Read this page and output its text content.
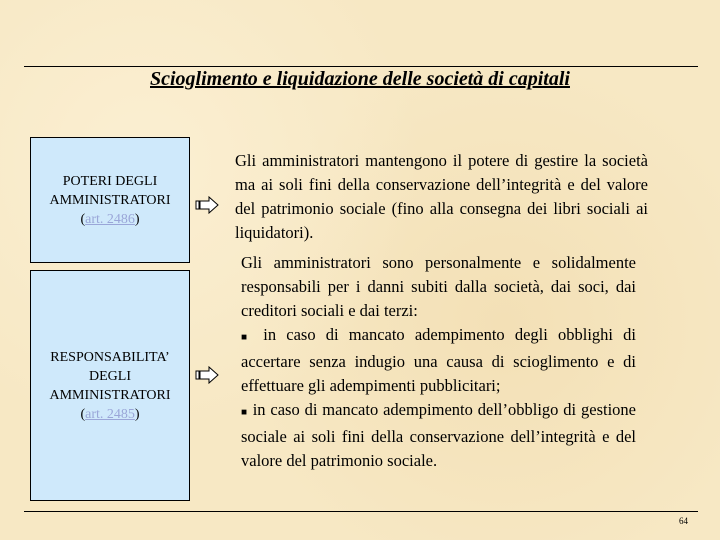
Scioglimento e liquidazione delle società di capitali
POTERI DEGLI
AMMINISTRATORI
(art. 2486)
Gli amministratori mantengono il potere di gestire la società ma ai soli fini della conservazione dell’integrità e del valore del patrimonio sociale (fino alla consegna dei libri sociali ai liquidatori).
RESPONSABILITA’
DEGLI
AMMINISTRATORI
(art. 2485)
Gli amministratori sono personalmente e solidalmente responsabili per i danni subiti dalla società, dai soci, dai creditori sociali e dai terzi:
■ in caso di mancato adempimento degli obblighi di accertare senza indugio una causa di scioglimento e di effettuare gli adempimenti pubblicitari;
■ in caso di mancato adempimento dell’obbligo di gestione sociale ai soli fini della conservazione dell’integrità e del valore del patrimonio sociale.
64
